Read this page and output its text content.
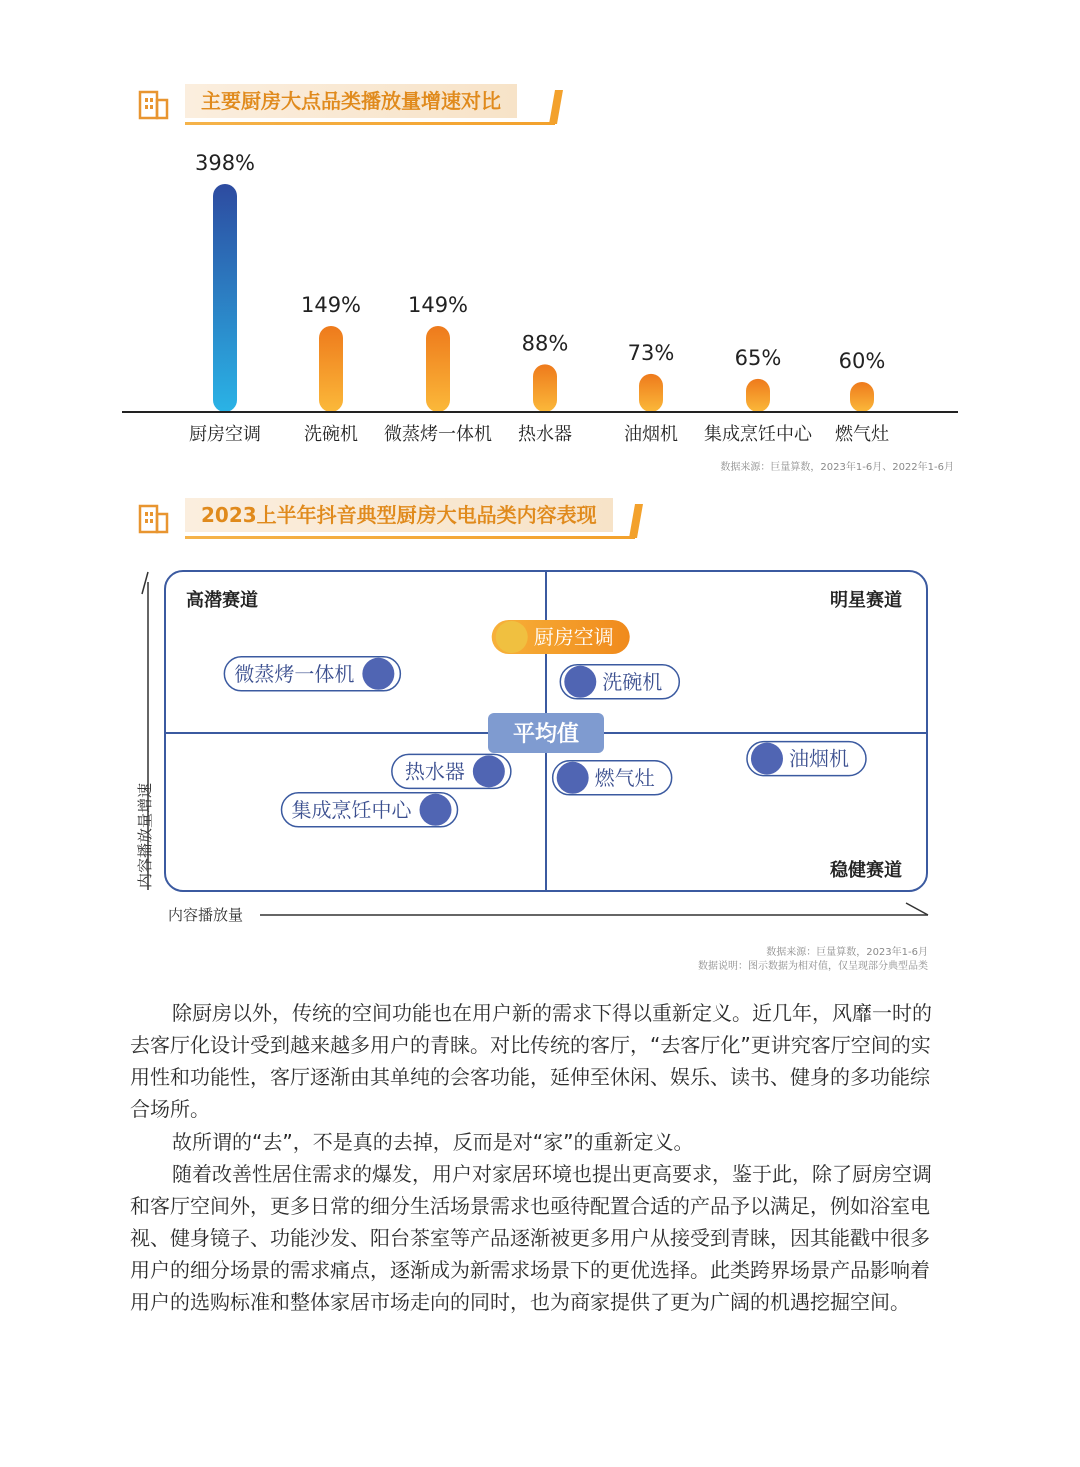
主要厨房大点品类播放量增速对比
398%
厨房空调
149%
洗碗机
149%
微蒸烤一体机
88%
热水器
73%
油烟机
65%
集成烹饪中心
60%
燃气灶
数据来源：巨量算数，2023年1-6月、2022年1-6月
2023上半年抖音典型厨房大电品类内容表现
内容播放量增速
内容播放量
高潜赛道	明星赛道
稳健赛道
厨房空调
微蒸烤一体机	洗碗机
油烟机
热水器	燃气灶
集成烹饪中心
平均值
数据来源：巨量算数，2023年1-6月
数据说明：图示数据为相对值，仅呈现部分典型品类

除厨房以外，传统的空间功能也在用户新的需求下得以重新定义。近几年，风靡一时的去客厅化设计受到越来越多用户的青睐。对比传统的客厅，“去客厅化”更讲究客厅空间的实用性和功能性，客厅逐渐由其单纯的会客功能，延伸至休闲、娱乐、读书、健身的多功能综合场所。

故所谓的“去”，不是真的去掉，反而是对“家”的重新定义。

随着改善性居住需求的爆发，用户对家居环境也提出更高要求，鉴于此，除了厨房空调和客厅空间外，更多日常的细分生活场景需求也亟待配置合适的产品予以满足，例如浴室电视、健身镜子、功能沙发、阳台茶室等产品逐渐被更多用户从接受到青睐，因其能戳中很多用户的细分场景的需求痛点，逐渐成为新需求场景下的更优选择。此类跨界场景产品影响着用户的选购标准和整体家居市场走向的同时，也为商家提供了更为广阔的机遇挖掘空间。
